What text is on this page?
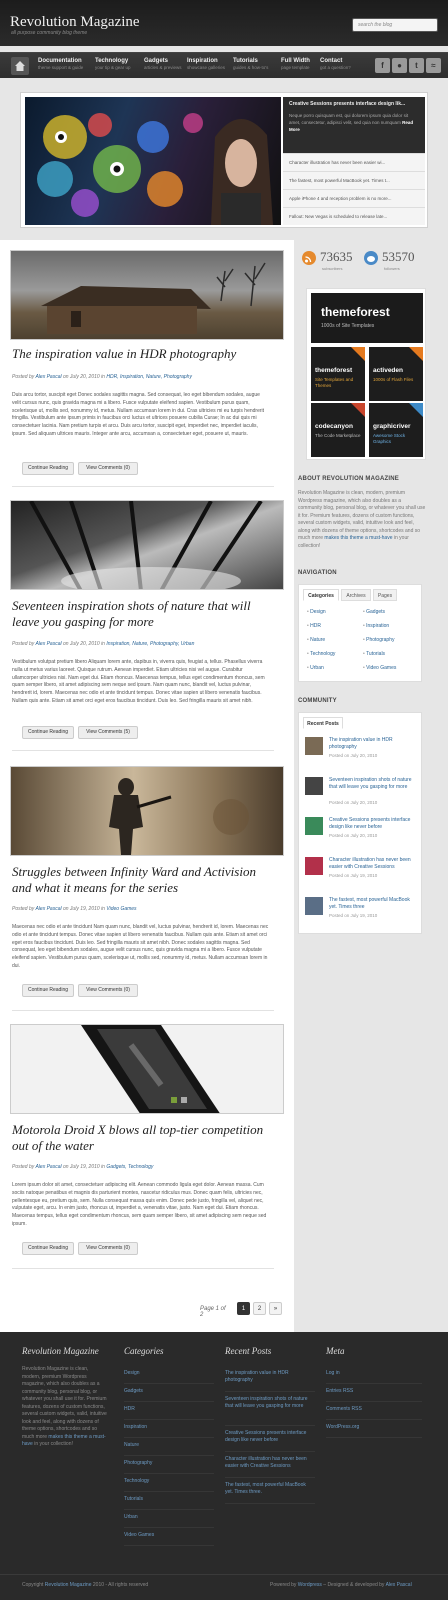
Revolution Magazine
all purpose community blog theme
search the blog
Documentation
theme support & guide
Technology
your tip & gear up
Gadgets
articles & previews
Inspiration
showcase galleries
Tutorials
guides & how-to's
Full Width
page template
Contact
got a question?	f	●	t	≈
Creative Sessions presents interface design lik...
Neque porro quisquam est, qui dolorem ipsum quia dolor sit amet, consectetur, adipisci velit, sed quia non numquam Read More
Character illustration has never been easier wi...
The fastest, most powerful MacBook yet. Times t...
Apple iPhone 4 and reception problem is no more...
Fallout: New Vegas is scheduled to release late...
The inspiration value in HDR photography
Posted by Alex Pascal on July 20, 2010 in HDR, Inspiration, Nature, Photography
Duis arcu tortor, suscipit eget Donec sodales sagittis magna. Sed consequat, leo eget bibendum sodales, augue velit cursus nunc, quis gravida magna mi a libero. Fusce vulputate eleifend sapien. Vestibulum purus quam, scelerisque ut, mollis sed, nonummy id, metus. Nullam accumsan lorem in dui. Cras ultricies mi eu turpis hendrerit fringilla. Vestibulum ante ipsum primis in faucibus orci luctus et ultrices posuere cubilia Curae; In ac dui quis mi consectetuer lacinia. Nam pretium turpis et arcu. Duis arcu tortor, suscipit eget, imperdiet nec, imperdiet iaculis, ipsum. Sed aliquam ultrices mauris. Integer ante arcu, accumsan a, consectetuer eget, posuere ut, mauris.
Continue Reading	View Comments (0)
Seventeen inspiration shots of nature that will leave you gasping for more
Posted by Alex Pascal on July 20, 2010 in Inspiration, Nature, Photography, Urban
Vestibulum volutpat pretium libero Aliquam lorem ante, dapibus in, viverra quis, feugiat a, tellus. Phasellus viverra nulla ut metus varius laoreet. Quisque rutrum. Aenean imperdiet. Etiam ultricies nisi vel augue. Curabitur ullamcorper ultricies nisi. Nam eget dui. Etiam rhoncus. Maecenas tempus, tellus eget condimentum rhoncus, sem quam semper libero, sit amet adipiscing sem neque sed ipsum. Nam quam nunc, blandit vel, luctus pulvinar, hendrerit id, lorem. Maecenas nec odio et ante tincidunt tempus. Donec vitae sapien ut libero venenatis faucibus. Nullam quis ante. Etiam sit amet orci eget eros faucibus tincidunt. Duis leo. Sed fringilla mauris sit amet nibh.
Continue Reading	View Comments (5)
Struggles between Infinity Ward and Activision and what it means for the series
Posted by Alex Pascal on July 19, 2010 in Video Games
Maecenas nec odio et ante tincidunt Nam quam nunc, blandit vel, luctus pulvinar, hendrerit id, lorem. Maecenas nec odio et ante tincidunt tempus. Donec vitae sapien ut libero venenatis faucibus. Nullam quis ante. Etiam sit amet orci eget eros faucibus tincidunt. Duis leo. Sed fringilla mauris sit amet nibh. Donec sodales sagittis magna. Sed consequat, leo eget bibendum sodales, augue velit cursus nunc, quis gravida magna mi a libero. Fusce vulputate eleifend sapien. Vestibulum purus quam, scelerisque ut, mollis sed, nonummy id, metus. Nullam accumsan lorem in dui.
Continue Reading	View Comments (0)
Motorola Droid X blows all top-tier competition out of the water
Posted by Alex Pascal on July 19, 2010 in Gadgets, Technology
Lorem ipsum dolor sit amet, consectetuer adipiscing elit. Aenean commodo ligula eget dolor. Aenean massa. Cum sociis natoque penatibus et magnis dis parturient montes, nascetur ridiculus mus. Donec quam felis, ultricies nec, pellentesque eu, pretium quis, sem. Nulla consequat massa quis enim. Donec pede justo, fringilla vel, aliquet nec, vulputate eget, arcu. In enim justo, rhoncus ut, imperdiet a, venenatis vitae, justo. Nam eget dui. Etiam rhoncus. Maecenas tempus, tellus eget condimentum rhoncus, sem quam semper libero, sit amet adipiscing sem neque sed ipsum.
Continue Reading	View Comments (0)
Page 1 of 2
1	2	»
73635
subscribers
53570
followers
themeforest
1000s of Site Templates
themeforest
Site Templates and Themes
activeden
1000s of Flash Files
codecanyon
The Code Marketplace
graphicriver
Awesome Stock Graphics
ABOUT REVOLUTION MAGAZINE
Revolution Magazine is clean, modern, premium Wordpress magazine, which also doubles as a community blog, personal blog, or whatever you shall use it for. Premium features, dozens of custom functions, several custom widgets, valid, intuitive look and feel, along with dozens of theme options, shortcodes and so much more makes this theme a must-have in your collection!
NAVIGATION
Categories	Archives	Pages
• Design	• Gadgets
• HDR	• Inspiration
• Nature	• Photography
• Technology	• Tutorials
• Urban	• Video Games
COMMUNITY
Recent Posts
The inspiration value in HDR photography
Posted on July 20, 2010
Seventeen inspiration shots of nature that will leave you gasping for more
Posted on July 20, 2010
Creative Sessions presents interface design like never before
Posted on July 20, 2010
Character illustration has never been easier with Creative Sessions
Posted on July 19, 2010
The fastest, most powerful MacBook yet. Times three
Posted on July 19, 2010
Revolution Magazine
Revolution Magazine is clean, modern, premium Wordpress magazine, which also doubles as a community blog, personal blog, or whatever you shall use it for. Premium features, dozens of custom functions, several custom widgets, valid, intuitive look and feel, along with dozens of theme options, shortcodes and so much more makes this theme a must-have in your collection!
Categories
Design
Gadgets
HDR
Inspiration
Nature
Photography
Technology
Tutorials
Urban
Video Games
Recent Posts
The inspiration value in HDR photography
Seventeen inspiration shots of nature that will leave you gasping for more
Creative Sessions presents interface design like never before
Character illustration has never been easier with Creative Sessions
The fastest, most powerful MacBook yet. Times three.
Meta
Log in
Entries RSS
Comments RSS
WordPress.org
Copyright Revolution Magazine 2010 - All rights reserved	Powered by Wordpress – Designed & developed by Alex Pascal
